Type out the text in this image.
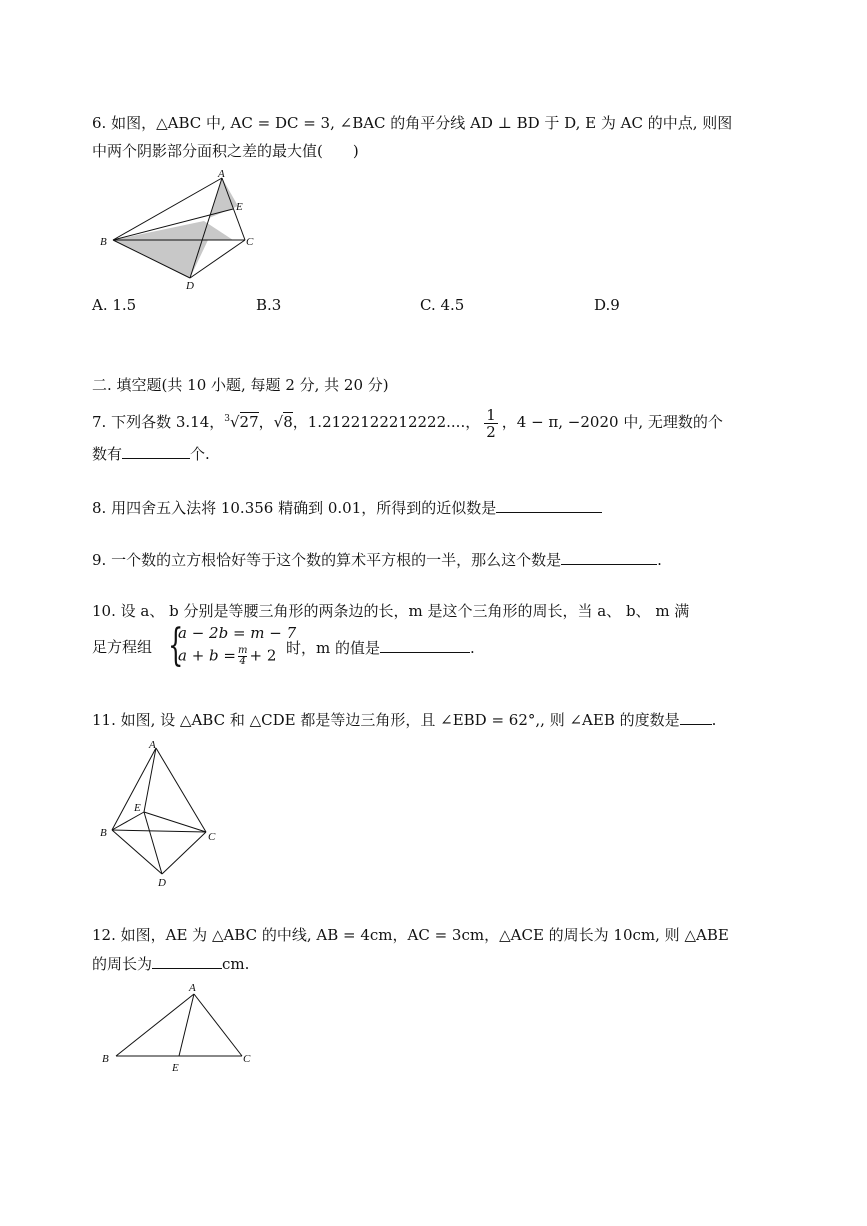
6. 如图，△ABC 中, AC = DC = 3, ∠BAC 的角平分线 AD ⊥ BD 于 D, E 为 AC 的中点, 则图
中两个阴影部分面积之差的最大值(　　)
A
E
B	C
D
A. 1.5	B.3	C. 4.5	D.9
二. 填空题(共 10 小题, 每题 2 分, 共 20 分)
7. 下列各数 3.14，$^3$√27，√8，1.2122122212222....， $\frac{1}{2}$ ，4 − π, −2020 中, 无理数的个
数有	个.
8. 用四舍五入法将 10.356 精确到 0.01，所得到的近似数是
9. 一个数的立方根恰好等于这个数的算术平方根的一半，那么这个数是	.
10. 设 a、 b 分别是等腰三角形的两条边的长，m 是这个三角形的周长，当 a、 b、 m 满
足方程组 {
a − 2b = m − 7
$a + b = \frac{m}{4} + 2$ 时，m 的值是	.
11. 如图, 设 △ABC 和 △CDE 都是等边三角形，且 ∠EBD = 62°,, 则 ∠AEB 的度数是 .
A
E
B	C
D
12. 如图，AE 为 △ABC 的中线, AB = 4cm，AC = 3cm，△ACE 的周长为 10cm, 则 △ABE
的周长为	cm.
A
B	C
E
